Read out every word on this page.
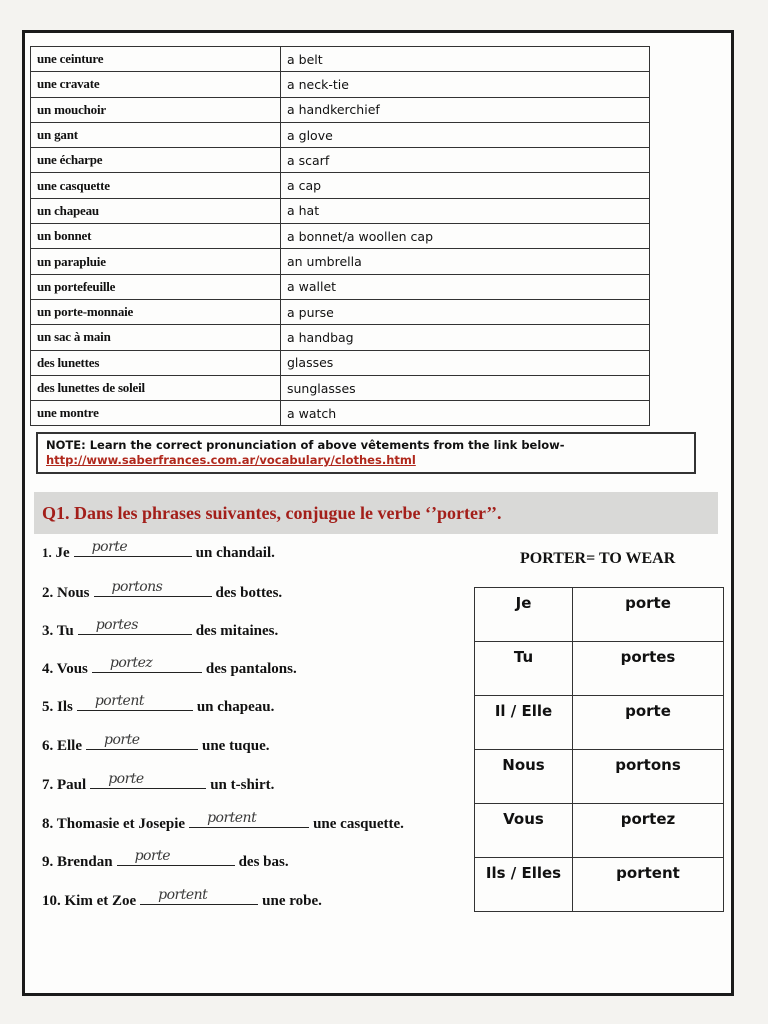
une ceinture	a belt
une cravate	a neck-tie
un mouchoir	a handkerchief
un gant	a glove
une écharpe	a scarf
une casquette	a cap
un chapeau	a hat
un bonnet	a bonnet/a woollen cap
un parapluie	an umbrella
un portefeuille	a wallet
un porte-monnaie	a purse
un sac à main	a handbag
des lunettes	glasses
des lunettes de soleil	sunglasses
une montre	a watch
NOTE: Learn the correct pronunciation of above vêtements from the link below-
http://www.saberfrances.com.ar/vocabulary/clothes.html
Q1. Dans les phrases suivantes, conjugue le verbe ‘’porter’’.
1. Je porte	un chandail.
2. Nous portons	des bottes.
3. Tu portes	des mitaines.
4. Vous portez	des pantalons.
5. Ils portent	un chapeau.
6. Elle porte	une tuque.
7. Paul porte	un t-shirt.
8. Thomasie et Josepie portent	une casquette.
9. Brendan porte	des bas.
10. Kim et Zoe portent	une robe.
PORTER= TO WEAR
Je	porte
Tu	portes
Il / Elle	porte
Nous	portons
Vous	portez
Ils / Elles	portent
